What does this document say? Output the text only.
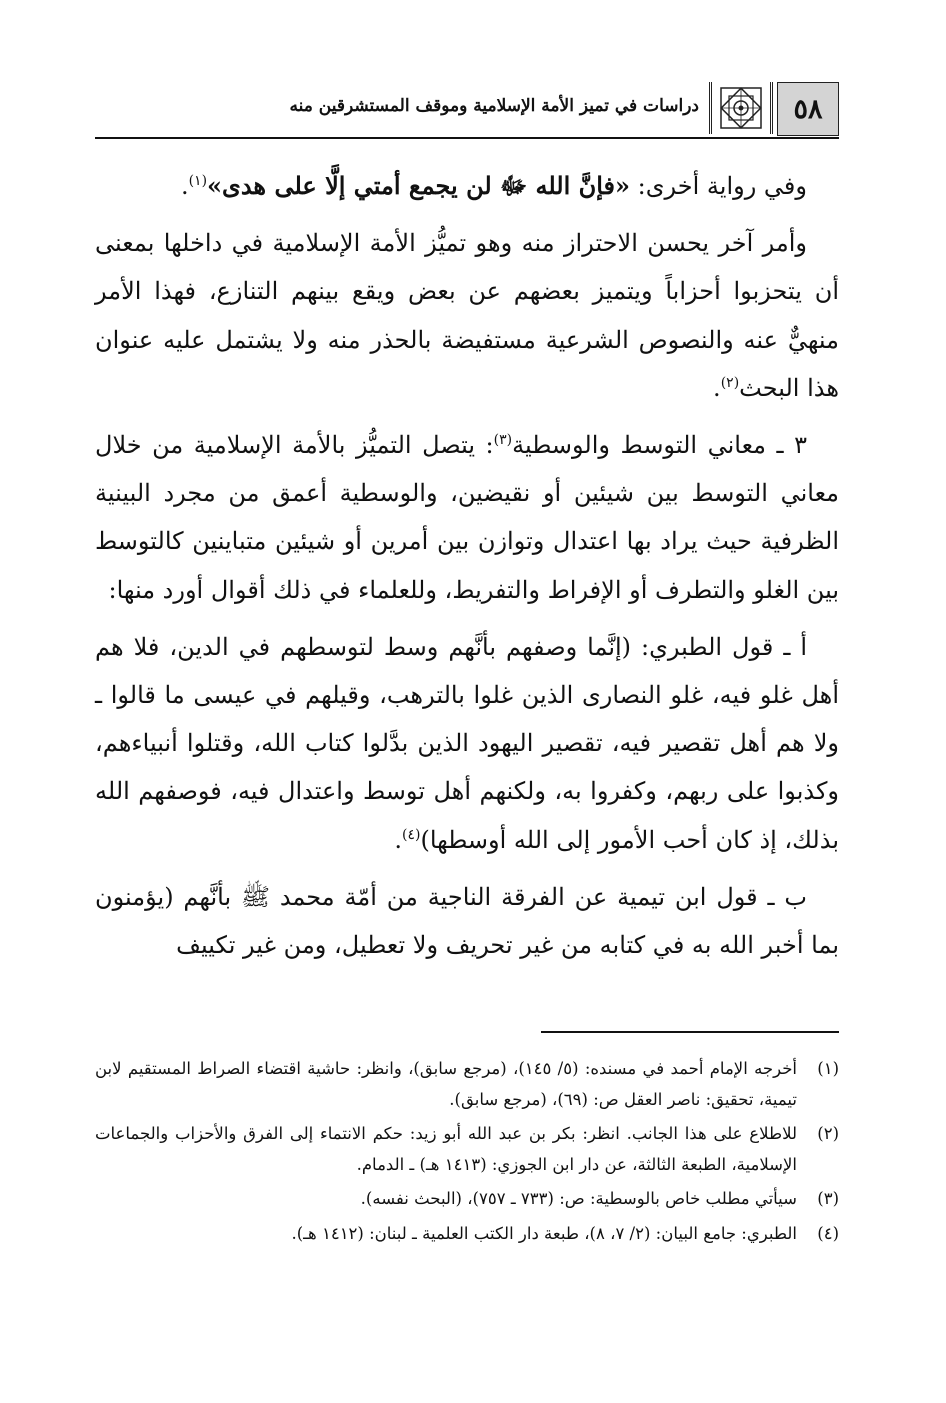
٥٨
دراسات في تميز الأمة الإسلامية وموقف المستشرقين منه

وفي رواية أخرى: «فإنَّ الله ﷻ لن يجمع أمتي إلَّا على هدى»$^{(١)}$.

وأمر آخر يحسن الاحتراز منه وهو تميُّز الأمة الإسلامية في داخلها بمعنى أن يتحزبوا أحزاباً ويتميز بعضهم عن بعض ويقع بينهم التنازع، فهذا الأمر منهيٌّ عنه والنصوص الشرعية مستفيضة بالحذر منه ولا يشتمل عليه عنوان هذا البحث$^{(٢)}$.

٣ ـ معاني التوسط والوسطية$^{(٣)}$: يتصل التميُّز بالأمة الإسلامية من خلال معاني التوسط بين شيئين أو نقيضين، والوسطية أعمق من مجرد البينية الظرفية حيث يراد بها اعتدال وتوازن بين أمرين أو شيئين متباينين كالتوسط بين الغلو والتطرف أو الإفراط والتفريط، وللعلماء في ذلك أقوال أورد منها:

أ ـ قول الطبري: (إنَّما وصفهم بأنَّهم وسط لتوسطهم في الدين، فلا هم أهل غلو فيه، غلو النصارى الذين غلوا بالترهب، وقيلهم في عيسى ما قالوا ـ ولا هم أهل تقصير فيه، تقصير اليهود الذين بدَّلوا كتاب الله، وقتلوا أنبياءهم، وكذبوا على ربهم، وكفروا به، ولكنهم أهل توسط واعتدال فيه، فوصفهم الله بذلك، إذ كان أحب الأمور إلى الله أوسطها)$^{(٤)}$.

ب ـ قول ابن تيمية عن الفرقة الناجية من أمّة محمد ﷺ بأنَّهم (يؤمنون بما أخبر الله به في كتابه من غير تحريف ولا تعطيل، ومن غير تكييف

(١)
أخرجه الإمام أحمد في مسنده: (٥/ ١٤٥)، (مرجع سابق)، وانظر: حاشية اقتضاء الصراط المستقيم لابن تيمية، تحقيق: ناصر العقل ص: (٦٩)، (مرجع سابق).
(٢)
للاطلاع على هذا الجانب. انظر: بكر بن عبد الله أبو زيد: حكم الانتماء إلى الفرق والأحزاب والجماعات الإسلامية، الطبعة الثالثة، عن دار ابن الجوزي: (١٤١٣ هـ) ـ الدمام.
(٣)
سيأتي مطلب خاص بالوسطية: ص: (٧٣٣ ـ ٧٥٧)، (البحث نفسه).
(٤)
الطبري: جامع البيان: (٢/ ٧، ٨)، طبعة دار الكتب العلمية ـ لبنان: (١٤١٢ هـ).
